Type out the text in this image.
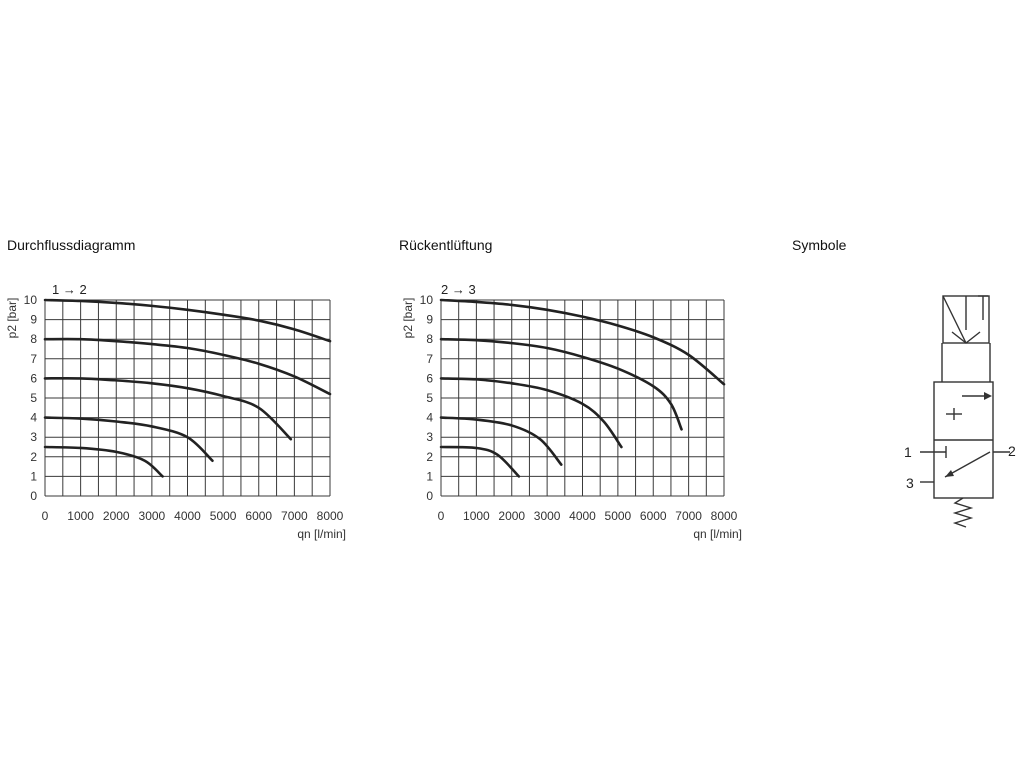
Durchflussdiagramm	Rückentlüftung	Symbole
0
1
2
3
4
5
6
7
8
9
10
0 1000 2000 3000 4000 5000 6000 7000 8000
qn [l/min]
p2 [bar]
1 → 2
0
1
2
3
4
5
6
7
8
9
10
0 1000 2000 3000 4000 5000 6000 7000 8000
qn [l/min]
p2 [bar]
2 → 3
1	2
3
